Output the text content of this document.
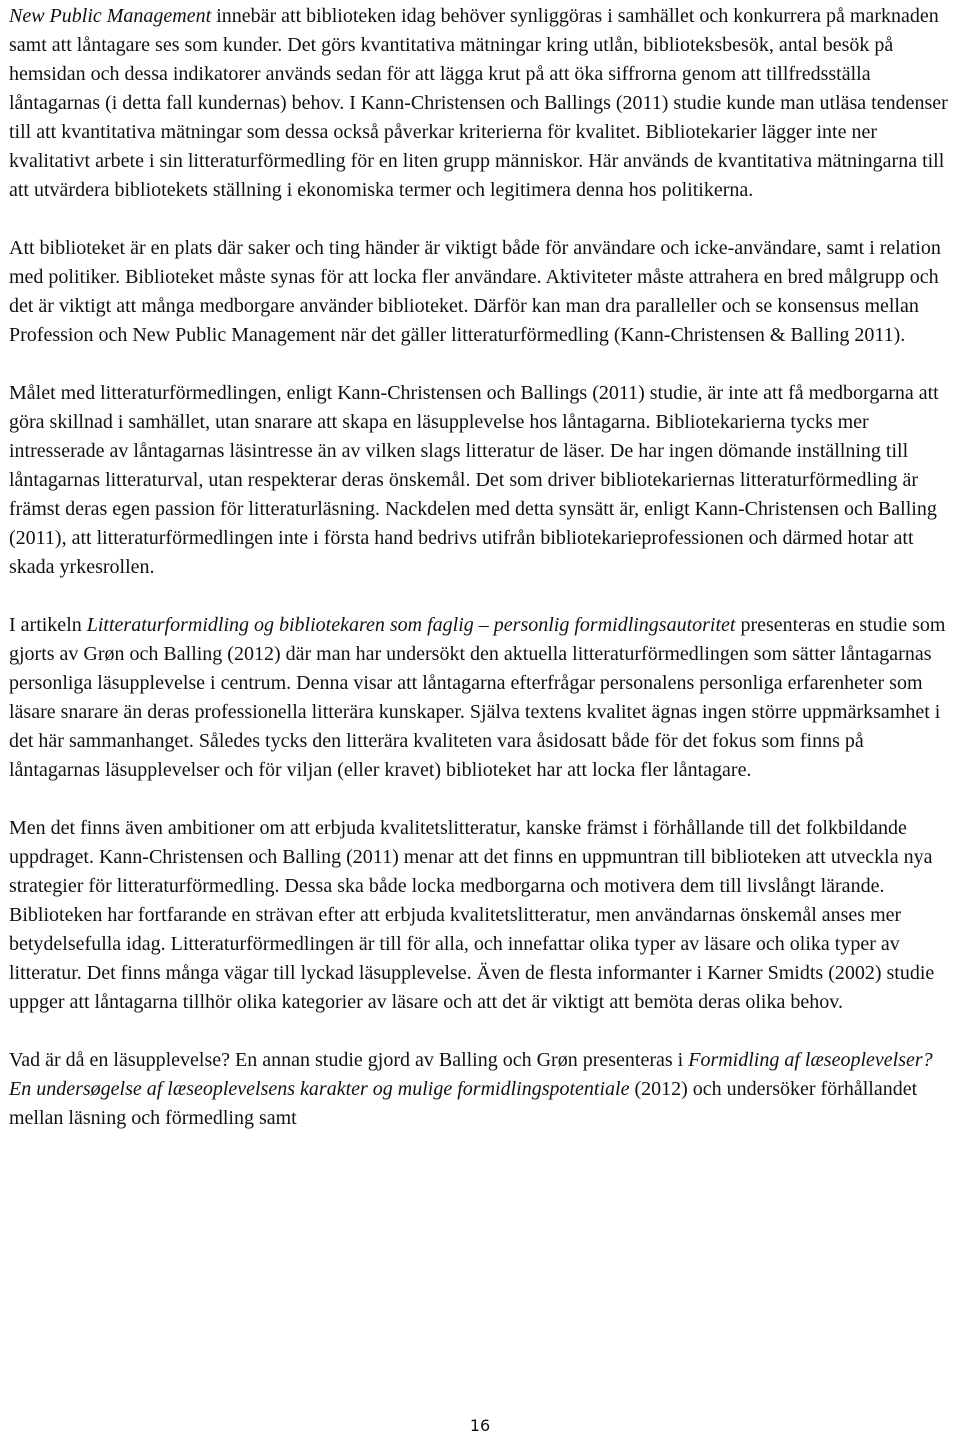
New Public Management innebär att biblioteken idag behöver synliggöras i samhället och konkurrera på marknaden samt att låntagare ses som kunder. Det görs kvantitativa mätningar kring utlån, biblioteksbesök, antal besök på hemsidan och dessa indikatorer används sedan för att lägga krut på att öka siffrorna genom att tillfredsställa låntagarnas (i detta fall kundernas) behov. I Kann-Christensen och Ballings (2011) studie kunde man utläsa tendenser till att kvantitativa mätningar som dessa också påverkar kriterierna för kvalitet. Bibliotekarier lägger inte ner kvalitativt arbete i sin litteraturförmedling för en liten grupp människor. Här används de kvantitativa mätningarna till att utvärdera bibliotekets ställning i ekonomiska termer och legitimera denna hos politikerna.

Att biblioteket är en plats där saker och ting händer är viktigt både för användare och icke-användare, samt i relation med politiker. Biblioteket måste synas för att locka fler användare. Aktiviteter måste attrahera en bred målgrupp och det är viktigt att många medborgare använder biblioteket. Därför kan man dra paralleller och se konsensus mellan Profession och New Public Management när det gäller litteraturförmedling (Kann-Christensen & Balling 2011).

Målet med litteraturförmedlingen, enligt Kann-Christensen och Ballings (2011) studie, är inte att få medborgarna att göra skillnad i samhället, utan snarare att skapa en läsupplevelse hos låntagarna. Bibliotekarierna tycks mer intresserade av låntagarnas läsintresse än av vilken slags litteratur de läser. De har ingen dömande inställning till låntagarnas litteraturval, utan respekterar deras önskemål. Det som driver bibliotekariernas litteraturförmedling är främst deras egen passion för litteraturläsning. Nackdelen med detta synsätt är, enligt Kann-Christensen och Balling (2011), att litteraturförmedlingen inte i första hand bedrivs utifrån bibliotekarieprofessionen och därmed hotar att skada yrkesrollen.

I artikeln Litteraturformidling og bibliotekaren som faglig – personlig formidlingsautoritet presenteras en studie som gjorts av Grøn och Balling (2012) där man har undersökt den aktuella litteraturförmedlingen som sätter låntagarnas personliga läsupplevelse i centrum. Denna visar att låntagarna efterfrågar personalens personliga erfarenheter som läsare snarare än deras professionella litterära kunskaper. Själva textens kvalitet ägnas ingen större uppmärksamhet i det här sammanhanget. Således tycks den litterära kvaliteten vara åsidosatt både för det fokus som finns på låntagarnas läsupplevelser och för viljan (eller kravet) biblioteket har att locka fler låntagare.

Men det finns även ambitioner om att erbjuda kvalitetslitteratur, kanske främst i förhållande till det folkbildande uppdraget. Kann-Christensen och Balling (2011) menar att det finns en uppmuntran till biblioteken att utveckla nya strategier för litteraturförmedling. Dessa ska både locka medborgarna och motivera dem till livslångt lärande. Biblioteken har fortfarande en strävan efter att erbjuda kvalitetslitteratur, men användarnas önskemål anses mer betydelsefulla idag. Litteraturförmedlingen är till för alla, och innefattar olika typer av läsare och olika typer av litteratur. Det finns många vägar till lyckad läsupplevelse. Även de flesta informanter i Karner Smidts (2002) studie uppger att låntagarna tillhör olika kategorier av läsare och att det är viktigt att bemöta deras olika behov.

Vad är då en läsupplevelse? En annan studie gjord av Balling och Grøn presenteras i Formidling af læseoplevelser? En undersøgelse af læseoplevelsens karakter og mulige formidlingspotentiale (2012) och undersöker förhållandet mellan läsning och förmedling samt

16
